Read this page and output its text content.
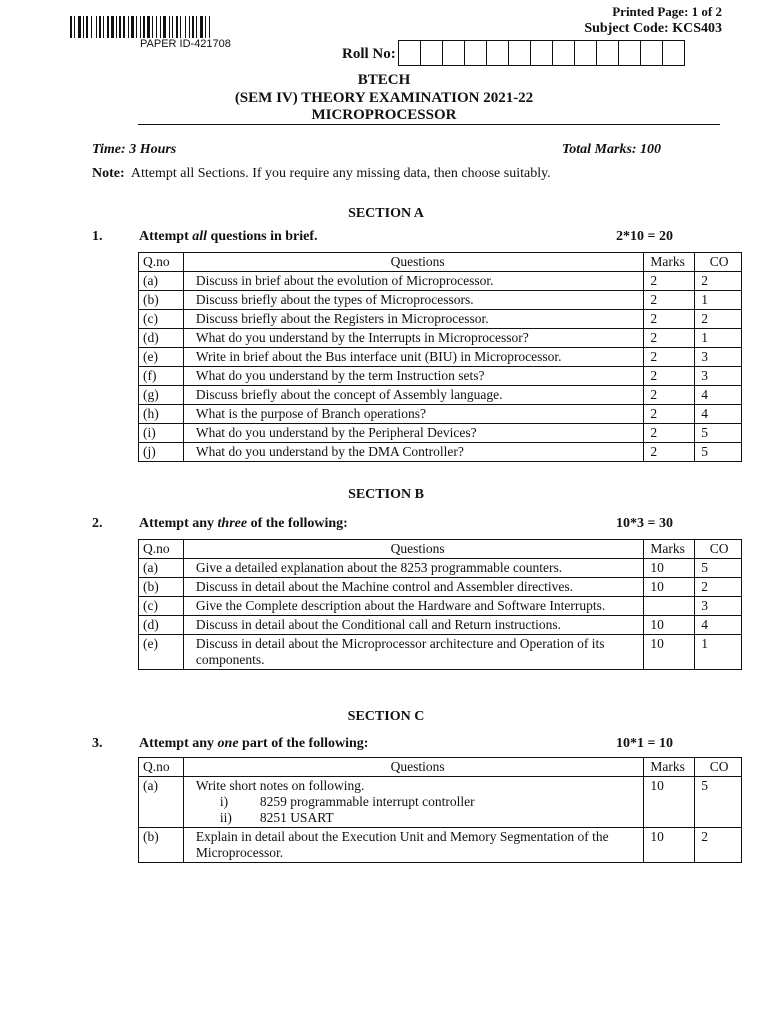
PAPER ID-421708
Printed Page: 1 of 2
Subject Code: KCS403
Roll No:
BTECH
(SEM IV) THEORY EXAMINATION 2021-22
MICROPROCESSOR
Time: 3 Hours	Total Marks: 100
Note: Attempt all Sections. If you require any missing data, then choose suitably.
SECTION A
1.	Attempt all questions in brief.	2*10 = 20
Q.no	Questions	Marks	CO
(a)	Discuss in brief about the evolution of Microprocessor.	2	2
(b)	Discuss briefly about the types of Microprocessors.	2	1
(c)	Discuss briefly about the Registers in Microprocessor.	2	2
(d)	What do you understand by the Interrupts in Microprocessor?	2	1
(e)	Write in brief about the Bus interface unit (BIU) in Microprocessor.	2	3
(f)	What do you understand by the term Instruction sets?	2	3
(g)	Discuss briefly about the concept of Assembly language.	2	4
(h)	What is the purpose of Branch operations?	2	4
(i)	What do you understand by the Peripheral Devices?	2	5
(j)	What do you understand by the DMA Controller?	2	5
SECTION B
2.	Attempt any three of the following:	10*3 = 30
Q.no	Questions	Marks	CO
(a)	Give a detailed explanation about the 8253 programmable counters.	10	5
(b)	Discuss in detail about the Machine control and Assembler directives.	10	2
(c)	Give the Complete description about the Hardware and Software Interrupts.		3
(d)	Discuss in detail about the Conditional call and Return instructions.	10	4
(e)	Discuss in detail about the Microprocessor architecture and Operation of its components.	10	1
SECTION C
3.	Attempt any one part of the following:	10*1 = 10
Q.no	Questions	Marks	CO
(a)	Write short notes on following.
i) 8259 programmable interrupt controller
ii) 8251 USART	10	5
(b)	Explain in detail about the Execution Unit and Memory Segmentation of the Microprocessor.	10	2
